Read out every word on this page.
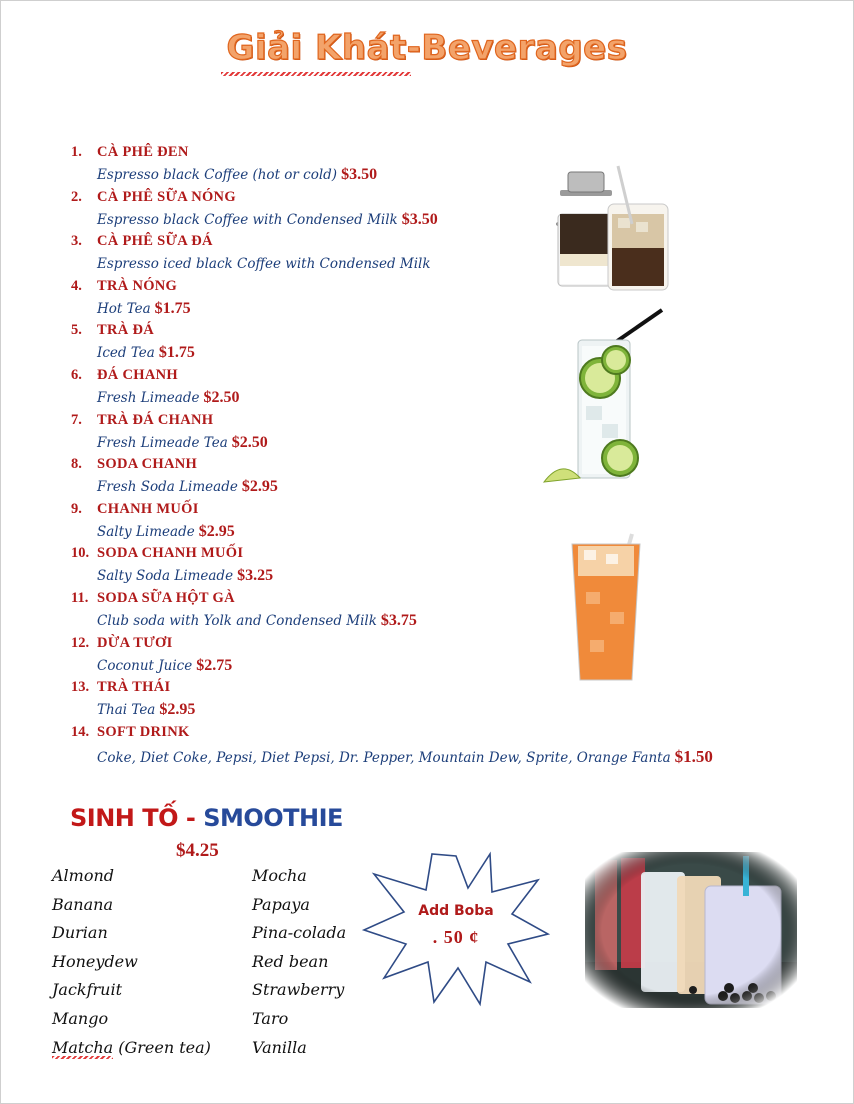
Giải Khát-Beverages
1.	CÀ PHÊ ĐEN
Espresso black Coffee (hot or cold) $3.50
2.	CÀ PHÊ SỮA NÓNG
Espresso black Coffee with Condensed Milk $3.50
3.	CÀ PHÊ SỮA ĐÁ
Espresso iced black Coffee with Condensed Milk
4.	TRÀ NÓNG
Hot Tea $1.75
5.	TRÀ ĐÁ
Iced Tea $1.75
6.	ĐÁ CHANH
Fresh Limeade $2.50
7.	TRÀ ĐÁ CHANH
Fresh Limeade Tea $2.50
8.	SODA CHANH
Fresh Soda Limeade $2.95
9.	CHANH MUỐI
Salty Limeade $2.95
10. SODA CHANH MUỐI
Salty Soda Limeade $3.25
11. SODA SỮA HỘT GÀ
Club soda with Yolk and Condensed Milk $3.75
12. DỪA TƯƠI
Coconut Juice $2.75
13. TRÀ THÁI
Thai Tea $2.95
14. SOFT DRINK
Coke, Diet Coke, Pepsi, Diet Pepsi, Dr. Pepper, Mountain Dew, Sprite, Orange Fanta $1.50
SINH TỐ - SMOOTHIE
$4.25
Almond
Banana
Durian
Honeydew
Jackfruit
Mango
Matcha (Green tea)
Mocha
Papaya
Pina-colada
Red bean
Strawberry
Taro
Vanilla
Add Boba
. 50 ¢
